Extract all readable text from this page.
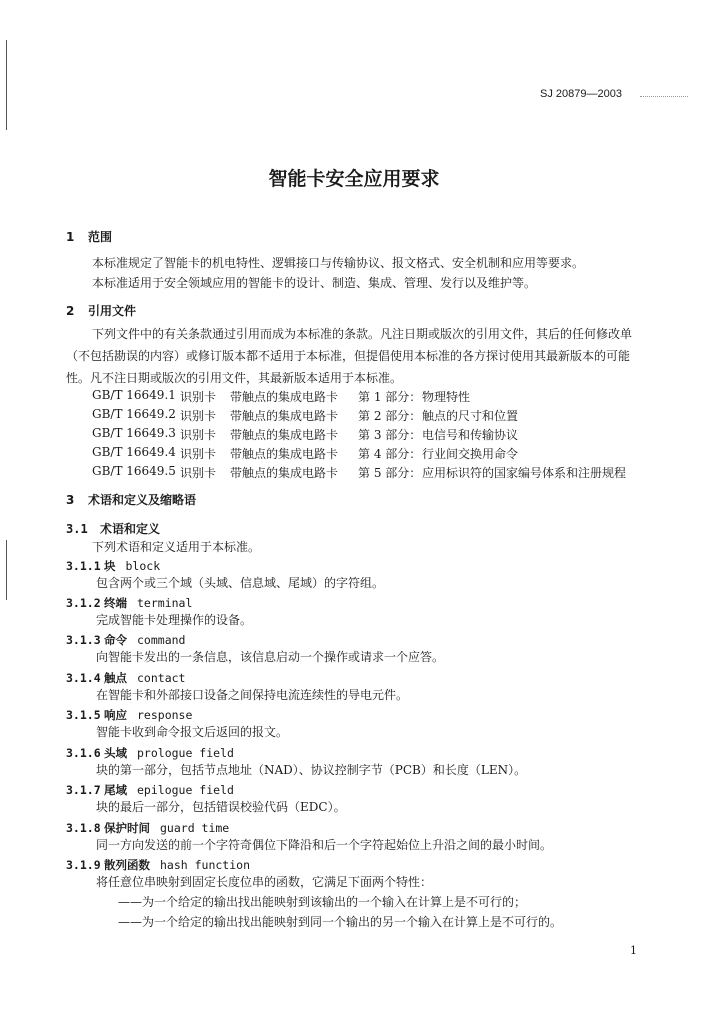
SJ 20879—2003
智能卡安全应用要求
1 范围
本标准规定了智能卡的机电特性、逻辑接口与传输协议、报文格式、安全机制和应用等要求。
本标准适用于安全领域应用的智能卡的设计、制造、集成、管理、发行以及维护等。
2 引用文件
下列文件中的有关条款通过引用而成为本标准的条款。凡注日期或版次的引用文件，其后的任何修改单（不包括勘误的内容）或修订版本都不适用于本标准，但提倡使用本标准的各方探讨使用其最新版本的可能性。凡不注日期或版次的引用文件，其最新版本适用于本标准。
GB/T 16649.1 识别卡 带触点的集成电路卡 第 1 部分： 物理特性
GB/T 16649.2 识别卡 带触点的集成电路卡 第 2 部分： 触点的尺寸和位置
GB/T 16649.3 识别卡 带触点的集成电路卡 第 3 部分： 电信号和传输协议
GB/T 16649.4 识别卡 带触点的集成电路卡 第 4 部分： 行业间交换用命令
GB/T 16649.5 识别卡 带触点的集成电路卡 第 5 部分： 应用标识符的国家编号体系和注册规程
3 术语和定义及缩略语
3.1 术语和定义
下列术语和定义适用于本标准。
3.1.1 块 block
包含两个或三个域（头域、信息域、尾域）的字符组。
3.1.2 终端 terminal
完成智能卡处理操作的设备。
3.1.3 命令 command
向智能卡发出的一条信息，该信息启动一个操作或请求一个应答。
3.1.4 触点 contact
在智能卡和外部接口设备之间保持电流连续性的导电元件。
3.1.5 响应 response
智能卡收到命令报文后返回的报文。
3.1.6 头域 prologue field
块的第一部分，包括节点地址（NAD）、协议控制字节（PCB）和长度（LEN）。
3.1.7 尾域 epilogue field
块的最后一部分，包括错误校验代码（EDC）。
3.1.8 保护时间 guard time
同一方向发送的前一个字符奇偶位下降沿和后一个字符起始位上升沿之间的最小时间。
3.1.9 散列函数 hash function
将任意位串映射到固定长度位串的函数，它满足下面两个特性：
——为一个给定的输出找出能映射到该输出的一个输入在计算上是不可行的；
——为一个给定的输出找出能映射到同一个输出的另一个输入在计算上是不可行的。
1
